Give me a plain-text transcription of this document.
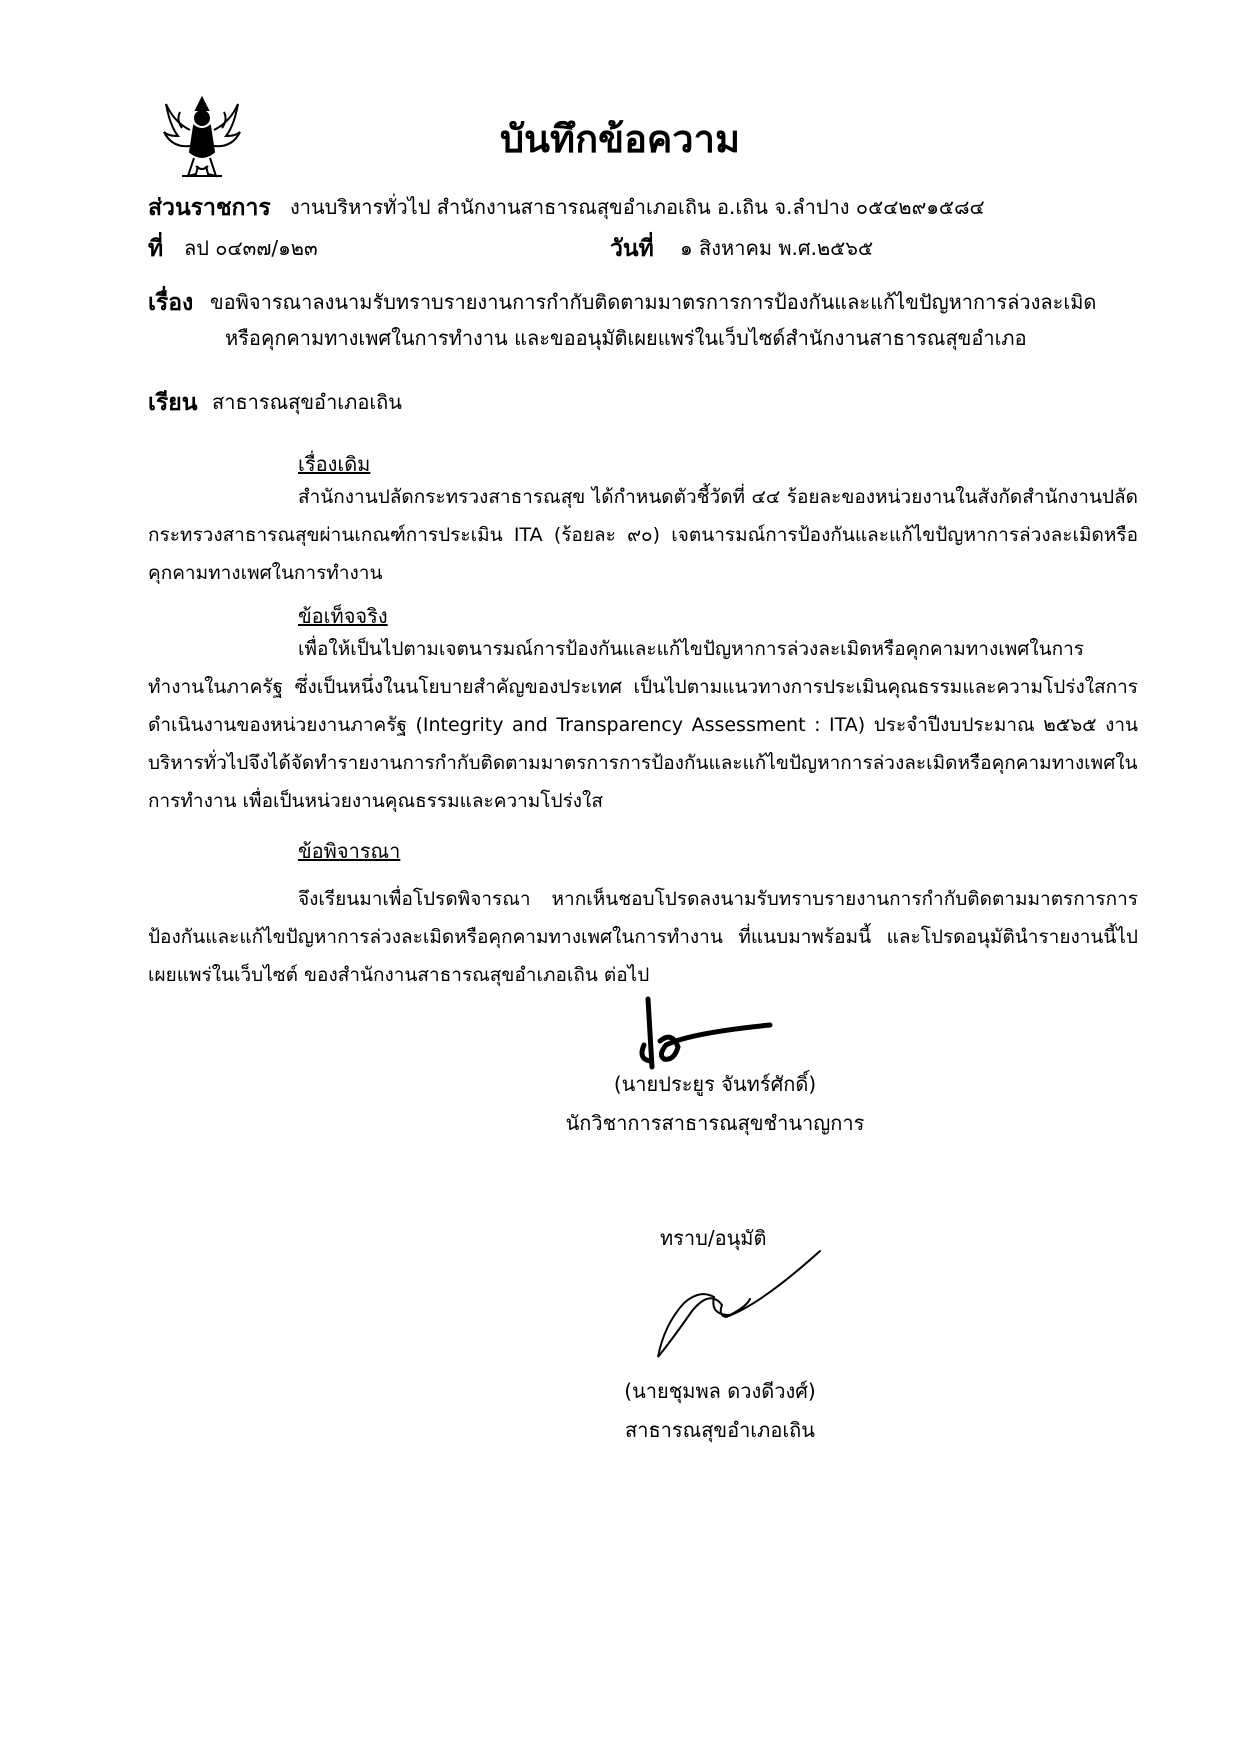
บันทึกข้อความ
ส่วนราชการ งานบริหารทั่วไป สำนักงานสาธารณสุขอำเภอเถิน อ.เถิน จ.ลำปาง ๐๕๔๒๙๑๕๘๔
ที่ ลป ๐๔๓๗/๑๒๓	วันที่ ๑ สิงหาคม พ.ศ.๒๕๖๕
เรื่อง ขอพิจารณาลงนามรับทราบรายงานการกำกับติดตามมาตรการการป้องกันและแก้ไขปัญหาการล่วงละเมิด
หรือคุกคามทางเพศในการทำงาน และขออนุมัติเผยแพร่ในเว็บไซด์สำนักงานสาธารณสุขอำเภอ
เรียน สาธารณสุขอำเภอเถิน
เรื่องเดิม
สำนักงานปลัดกระทรวงสาธารณสุข ได้กำหนดตัวชี้วัดที่ ๔๔ ร้อยละของหน่วยงานในสังกัดสำนักงานปลัดกระทรวงสาธารณสุขผ่านเกณฑ์การประเมิน ITA (ร้อยละ ๙๐) เจตนารมณ์การป้องกันและแก้ไขปัญหาการล่วงละเมิดหรือคุกคามทางเพศในการทำงาน
ข้อเท็จจริง
เพื่อให้เป็นไปตามเจตนารมณ์การป้องกันและแก้ไขปัญหาการล่วงละเมิดหรือคุกคามทางเพศในการทำงานในภาครัฐ ซึ่งเป็นหนึ่งในนโยบายสำคัญของประเทศ เป็นไปตามแนวทางการประเมินคุณธรรมและความโปร่งใสการดำเนินงานของหน่วยงานภาครัฐ (Integrity and Transparency Assessment : ITA) ประจำปีงบประมาณ ๒๕๖๕ งานบริหารทั่วไปจึงได้จัดทำรายงานการกำกับติดตามมาตรการการป้องกันและแก้ไขปัญหาการล่วงละเมิดหรือคุกคามทางเพศในการทำงาน เพื่อเป็นหน่วยงานคุณธรรมและความโปร่งใส
ข้อพิจารณา
จึงเรียนมาเพื่อโปรดพิจารณา หากเห็นชอบโปรดลงนามรับทราบรายงานการกำกับติดตามมาตรการการป้องกันและแก้ไขปัญหาการล่วงละเมิดหรือคุกคามทางเพศในการทำงาน ที่แนบมาพร้อมนี้ และโปรดอนุมัตินำรายงานนี้ไปเผยแพร่ในเว็บไซต์ ของสำนักงานสาธารณสุขอำเภอเถิน ต่อไป
(นายประยูร จันทร์ศักดิ์)
นักวิชาการสาธารณสุขชำนาญการ
ทราบ/อนุมัติ
(นายชุมพล ดวงดีวงศ์)
สาธารณสุขอำเภอเถิน
